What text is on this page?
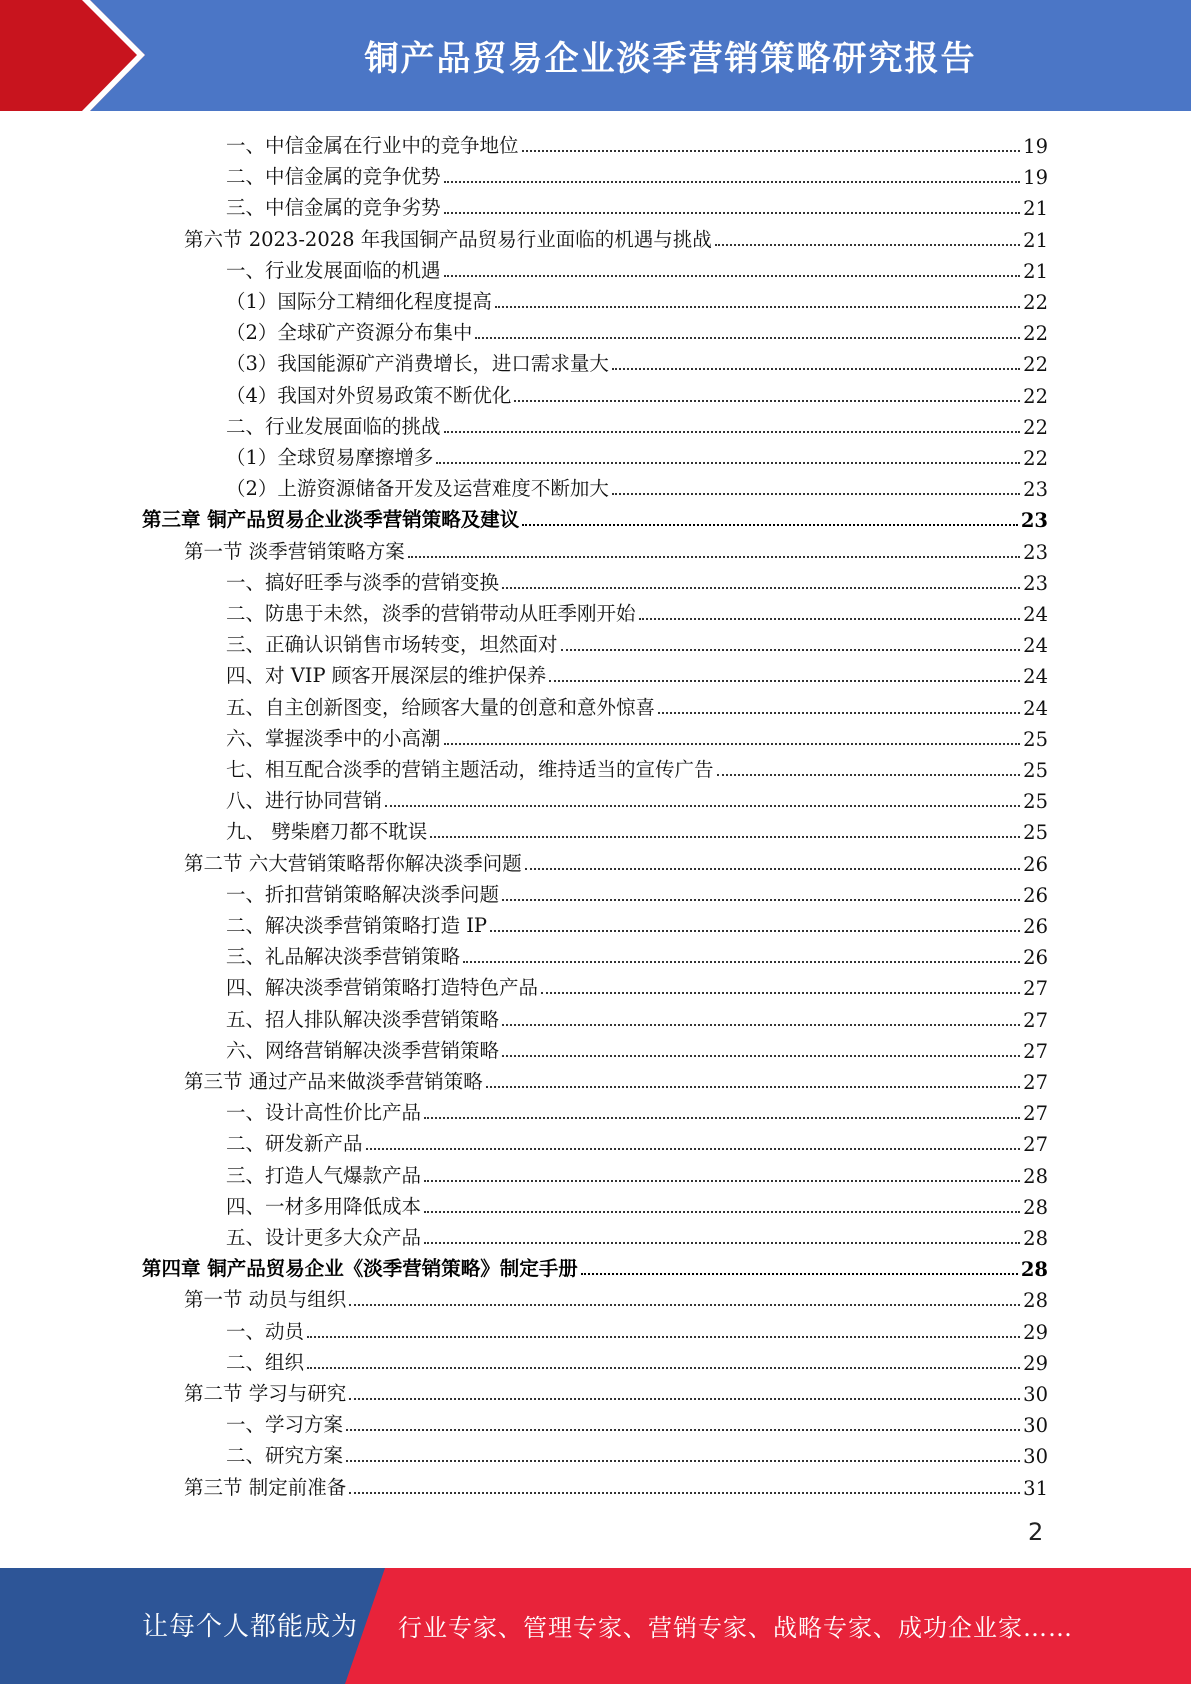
铜产品贸易企业淡季营销策略研究报告
一、中信金属在行业中的竞争地位	19
二、中信金属的竞争优势	19
三、中信金属的竞争劣势	21
第六节 2023-2028 年我国铜产品贸易行业面临的机遇与挑战	21
一、行业发展面临的机遇	21
（1）国际分工精细化程度提高	22
（2）全球矿产资源分布集中	22
（3）我国能源矿产消费增长，进口需求量大	22
（4）我国对外贸易政策不断优化	22
二、行业发展面临的挑战	22
（1）全球贸易摩擦增多	22
（2）上游资源储备开发及运营难度不断加大	23
第三章 铜产品贸易企业淡季营销策略及建议	23
第一节 淡季营销策略方案	23
一、搞好旺季与淡季的营销变换	23
二、防患于未然，淡季的营销带动从旺季刚开始	24
三、正确认识销售市场转变，坦然面对	24
四、对 VIP 顾客开展深层的维护保养	24
五、自主创新图变，给顾客大量的创意和意外惊喜	24
六、掌握淡季中的小高潮	25
七、相互配合淡季的营销主题活动，维持适当的宣传广告	25
八、进行协同营销	25
九、 劈柴磨刀都不耽误	25
第二节 六大营销策略帮你解决淡季问题	26
一、折扣营销策略解决淡季问题	26
二、解决淡季营销策略打造 IP	26
三、礼品解决淡季营销策略	26
四、解决淡季营销策略打造特色产品	27
五、招人排队解决淡季营销策略	27
六、网络营销解决淡季营销策略	27
第三节 通过产品来做淡季营销策略	27
一、设计高性价比产品	27
二、研发新产品	27
三、打造人气爆款产品	28
四、一材多用降低成本	28
五、设计更多大众产品	28
第四章 铜产品贸易企业《淡季营销策略》制定手册	28
第一节 动员与组织	28
一、动员	29
二、组织	29
第二节 学习与研究	30
一、学习方案	30
二、研究方案	30
第三节 制定前准备	31
2
让每个人都能成为 行业专家、管理专家、营销专家、战略专家、成功企业家……
